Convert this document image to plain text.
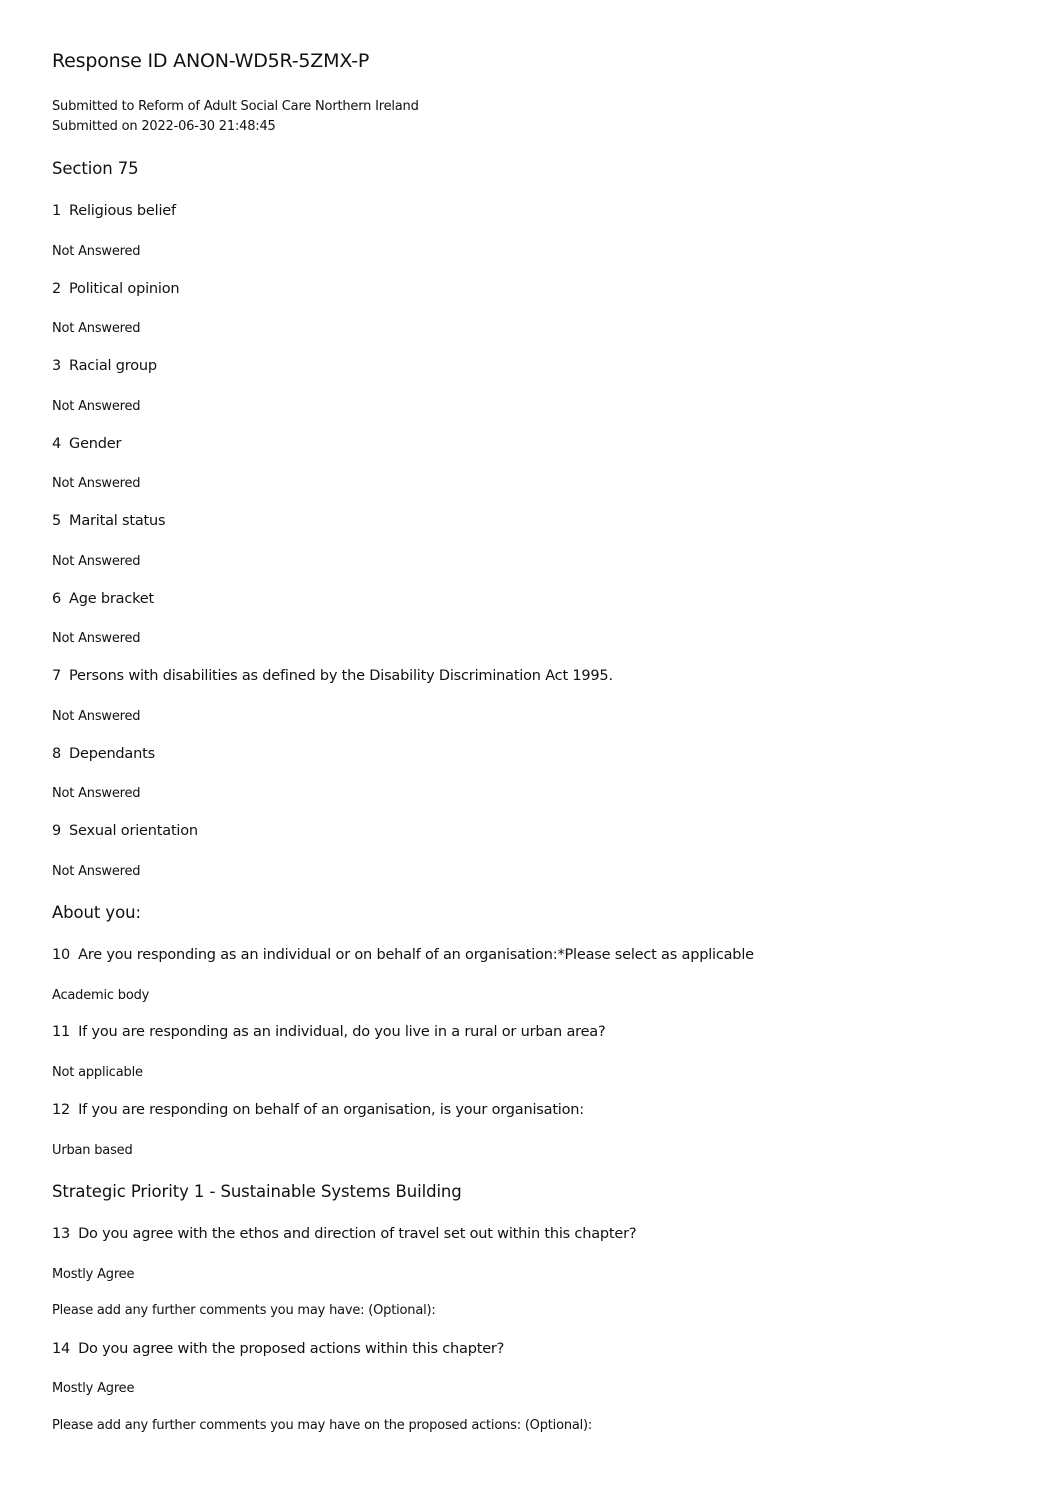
Response ID ANON-WD5R-5ZMX-P
Submitted to Reform of Adult Social Care Northern Ireland
Submitted on 2022-06-30 21:48:45
Section 75
1 Religious belief
Not Answered
2 Political opinion
Not Answered
3 Racial group
Not Answered
4 Gender
Not Answered
5 Marital status
Not Answered
6 Age bracket
Not Answered
7 Persons with disabilities as defined by the Disability Discrimination Act 1995.
Not Answered
8 Dependants
Not Answered
9 Sexual orientation
Not Answered
About you:
10 Are you responding as an individual or on behalf of an organisation:*Please select as applicable
Academic body
11 If you are responding as an individual, do you live in a rural or urban area?
Not applicable
12 If you are responding on behalf of an organisation, is your organisation:
Urban based
Strategic Priority 1 - Sustainable Systems Building
13 Do you agree with the ethos and direction of travel set out within this chapter?
Mostly Agree
Please add any further comments you may have: (Optional):
14 Do you agree with the proposed actions within this chapter?
Mostly Agree
Please add any further comments you may have on the proposed actions: (Optional):
